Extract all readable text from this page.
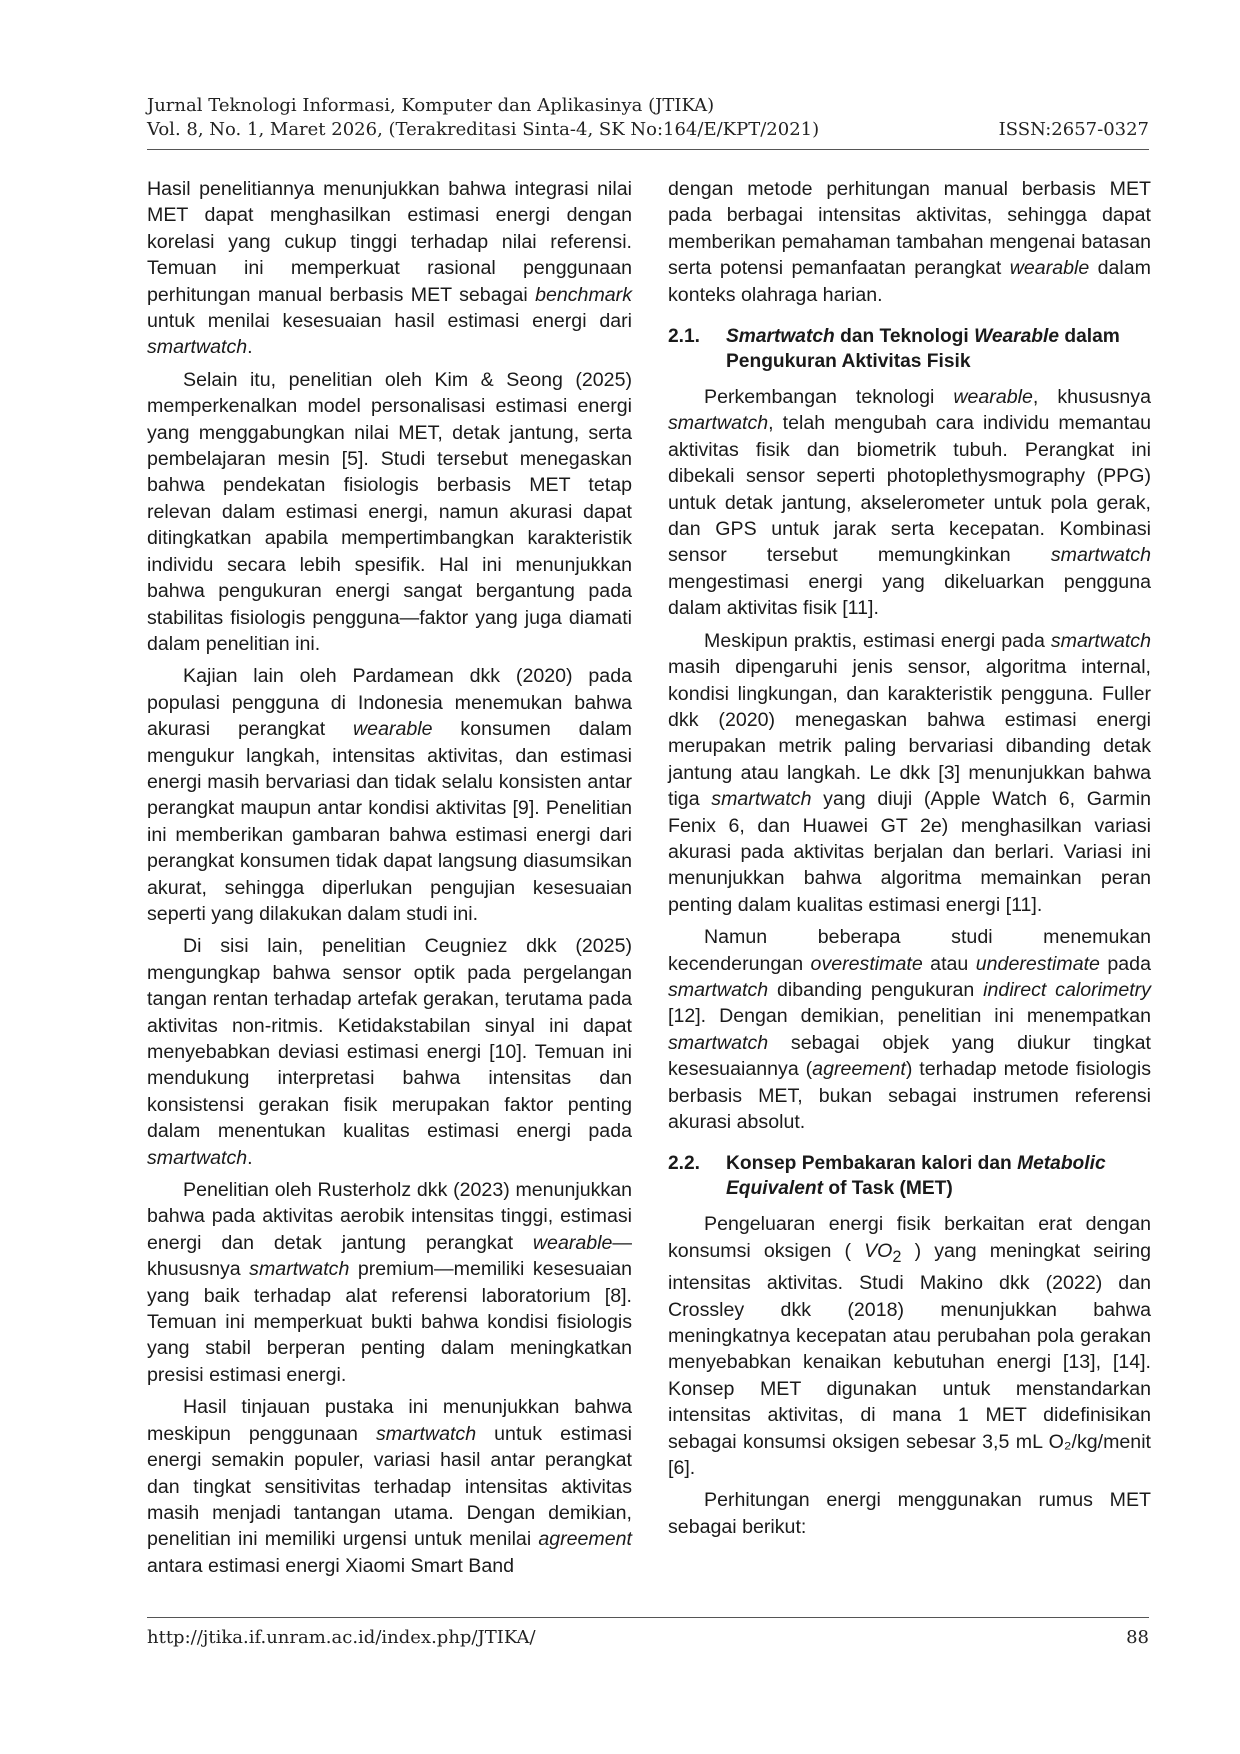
Jurnal Teknologi Informasi, Komputer dan Aplikasinya (JTIKA)
Vol. 8, No. 1, Maret 2026, (Terakreditasi Sinta-4, SK No:164/E/KPT/2021)	ISSN:2657-0327

Hasil penelitiannya menunjukkan bahwa integrasi nilai MET dapat menghasilkan estimasi energi dengan korelasi yang cukup tinggi terhadap nilai referensi. Temuan ini memperkuat rasional penggunaan perhitungan manual berbasis MET sebagai benchmark untuk menilai kesesuaian hasil estimasi energi dari smartwatch.

Selain itu, penelitian oleh Kim & Seong (2025) memperkenalkan model personalisasi estimasi energi yang menggabungkan nilai MET, detak jantung, serta pembelajaran mesin [5]. Studi tersebut menegaskan bahwa pendekatan fisiologis berbasis MET tetap relevan dalam estimasi energi, namun akurasi dapat ditingkatkan apabila mempertimbangkan karakteristik individu secara lebih spesifik. Hal ini menunjukkan bahwa pengukuran energi sangat bergantung pada stabilitas fisiologis pengguna—faktor yang juga diamati dalam penelitian ini.

Kajian lain oleh Pardamean dkk (2020) pada populasi pengguna di Indonesia menemukan bahwa akurasi perangkat wearable konsumen dalam mengukur langkah, intensitas aktivitas, dan estimasi energi masih bervariasi dan tidak selalu konsisten antar perangkat maupun antar kondisi aktivitas [9]. Penelitian ini memberikan gambaran bahwa estimasi energi dari perangkat konsumen tidak dapat langsung diasumsikan akurat, sehingga diperlukan pengujian kesesuaian seperti yang dilakukan dalam studi ini.

Di sisi lain, penelitian Ceugniez dkk (2025) mengungkap bahwa sensor optik pada pergelangan tangan rentan terhadap artefak gerakan, terutama pada aktivitas non-ritmis. Ketidakstabilan sinyal ini dapat menyebabkan deviasi estimasi energi [10]. Temuan ini mendukung interpretasi bahwa intensitas dan konsistensi gerakan fisik merupakan faktor penting dalam menentukan kualitas estimasi energi pada smartwatch.

Penelitian oleh Rusterholz dkk (2023) menunjukkan bahwa pada aktivitas aerobik intensitas tinggi, estimasi energi dan detak jantung perangkat wearable—khususnya smartwatch premium—memiliki kesesuaian yang baik terhadap alat referensi laboratorium [8]. Temuan ini memperkuat bukti bahwa kondisi fisiologis yang stabil berperan penting dalam meningkatkan presisi estimasi energi.

Hasil tinjauan pustaka ini menunjukkan bahwa meskipun penggunaan smartwatch untuk estimasi energi semakin populer, variasi hasil antar perangkat dan tingkat sensitivitas terhadap intensitas aktivitas masih menjadi tantangan utama. Dengan demikian, penelitian ini memiliki urgensi untuk menilai agreement antara estimasi energi Xiaomi Smart Band

dengan metode perhitungan manual berbasis MET pada berbagai intensitas aktivitas, sehingga dapat memberikan pemahaman tambahan mengenai batasan serta potensi pemanfaatan perangkat wearable dalam konteks olahraga harian.

2.1.	Smartwatch dan Teknologi Wearable dalam Pengukuran Aktivitas Fisik

Perkembangan teknologi wearable, khususnya smartwatch, telah mengubah cara individu memantau aktivitas fisik dan biometrik tubuh. Perangkat ini dibekali sensor seperti photoplethysmography (PPG) untuk detak jantung, akselerometer untuk pola gerak, dan GPS untuk jarak serta kecepatan. Kombinasi sensor tersebut memungkinkan smartwatch mengestimasi energi yang dikeluarkan pengguna dalam aktivitas fisik [11].

Meskipun praktis, estimasi energi pada smartwatch masih dipengaruhi jenis sensor, algoritma internal, kondisi lingkungan, dan karakteristik pengguna. Fuller dkk (2020) menegaskan bahwa estimasi energi merupakan metrik paling bervariasi dibanding detak jantung atau langkah. Le dkk [3] menunjukkan bahwa tiga smartwatch yang diuji (Apple Watch 6, Garmin Fenix 6, dan Huawei GT 2e) menghasilkan variasi akurasi pada aktivitas berjalan dan berlari. Variasi ini menunjukkan bahwa algoritma memainkan peran penting dalam kualitas estimasi energi [11].

Namun beberapa studi menemukan kecenderungan overestimate atau underestimate pada smartwatch dibanding pengukuran indirect calorimetry [12]. Dengan demikian, penelitian ini menempatkan smartwatch sebagai objek yang diukur tingkat kesesuaiannya (agreement) terhadap metode fisiologis berbasis MET, bukan sebagai instrumen referensi akurasi absolut.

2.2.	Konsep Pembakaran kalori dan Metabolic Equivalent of Task (MET)

Pengeluaran energi fisik berkaitan erat dengan konsumsi oksigen ( $VO_2$ ) yang meningkat seiring intensitas aktivitas. Studi Makino dkk (2022) dan Crossley dkk (2018) menunjukkan bahwa meningkatnya kecepatan atau perubahan pola gerakan menyebabkan kenaikan kebutuhan energi [13], [14]. Konsep MET digunakan untuk menstandarkan intensitas aktivitas, di mana 1 MET didefinisikan sebagai konsumsi oksigen sebesar 3,5 mL O₂/kg/menit [6].

Perhitungan energi menggunakan rumus MET sebagai berikut:

http://jtika.if.unram.ac.id/index.php/JTIKA/	88
